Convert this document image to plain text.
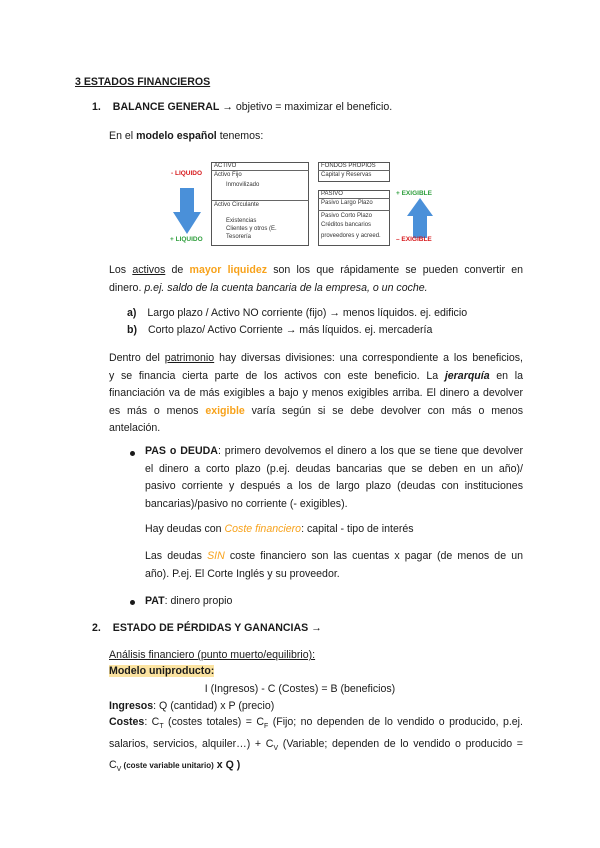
3 ESTADOS FINANCIEROS
1. BALANCE GENERAL → objetivo = maximizar el beneficio.
En el modelo español tenemos:
- LIQUIDO
+ LIQUIDO
ACTIVO
Activo Fijo
Inmovilizado
Activo Circulante
Existencias
Clientes y otros (E.
Tesorería
FONDOS PROPIOS
Capital y Reservas
PASIVO
Pasivo Largo Plazo
Pasivo Corto Plazo
Créditos bancarios
proveedores y acreed.
+ EXIGIBLE
– EXIGIBLE
Los activos de mayor liquidez son los que rápidamente se pueden convertir en
dinero. p.ej. saldo de la cuenta bancaria de la empresa, o un coche.
a) Largo plazo / Activo NO corriente (fijo) → menos líquidos. ej. edificio
b) Corto plazo/ Activo Corriente → más líquidos. ej. mercadería
Dentro del patrimonio hay diversas divisiones: una correspondiente a los beneficios,
y se financia cierta parte de los activos con este beneficio. La jerarquía en la
financiación va de más exigibles a bajo y menos exigibles arriba. El dinero a devolver
es más o menos exigible varía según si se debe devolver con más o menos
antelación.
PAS o DEUDA: primero devolvemos el dinero a los que se tiene que devolver
el dinero a corto plazo (p.ej. deudas bancarias que se deben en un año)/
pasivo corriente y después a los de largo plazo (deudas con instituciones
bancarias)/pasivo no corriente (- exigibles).
Hay deudas con Coste financiero: capital - tipo de interés
Las deudas SIN coste financiero son las cuentas x pagar (de menos de un
año). P.ej. El Corte Inglés y su proveedor.
PAT: dinero propio
2. ESTADO DE PÉRDIDAS Y GANANCIAS →
Análisis financiero (punto muerto/equilibrio):
Modelo uniproducto:
I (Ingresos) - C (Costes) = B (beneficios)
Ingresos: Q (cantidad) x P (precio)
Costes: $C_T$ (costes totales) = $C_F$ (Fijo; no dependen de lo vendido o producido, p.ej.
salarios, servicios, alquiler…) + $C_V$ (Variable; dependen de lo vendido o producido =
$C_V$ (coste variable unitario) x Q )
